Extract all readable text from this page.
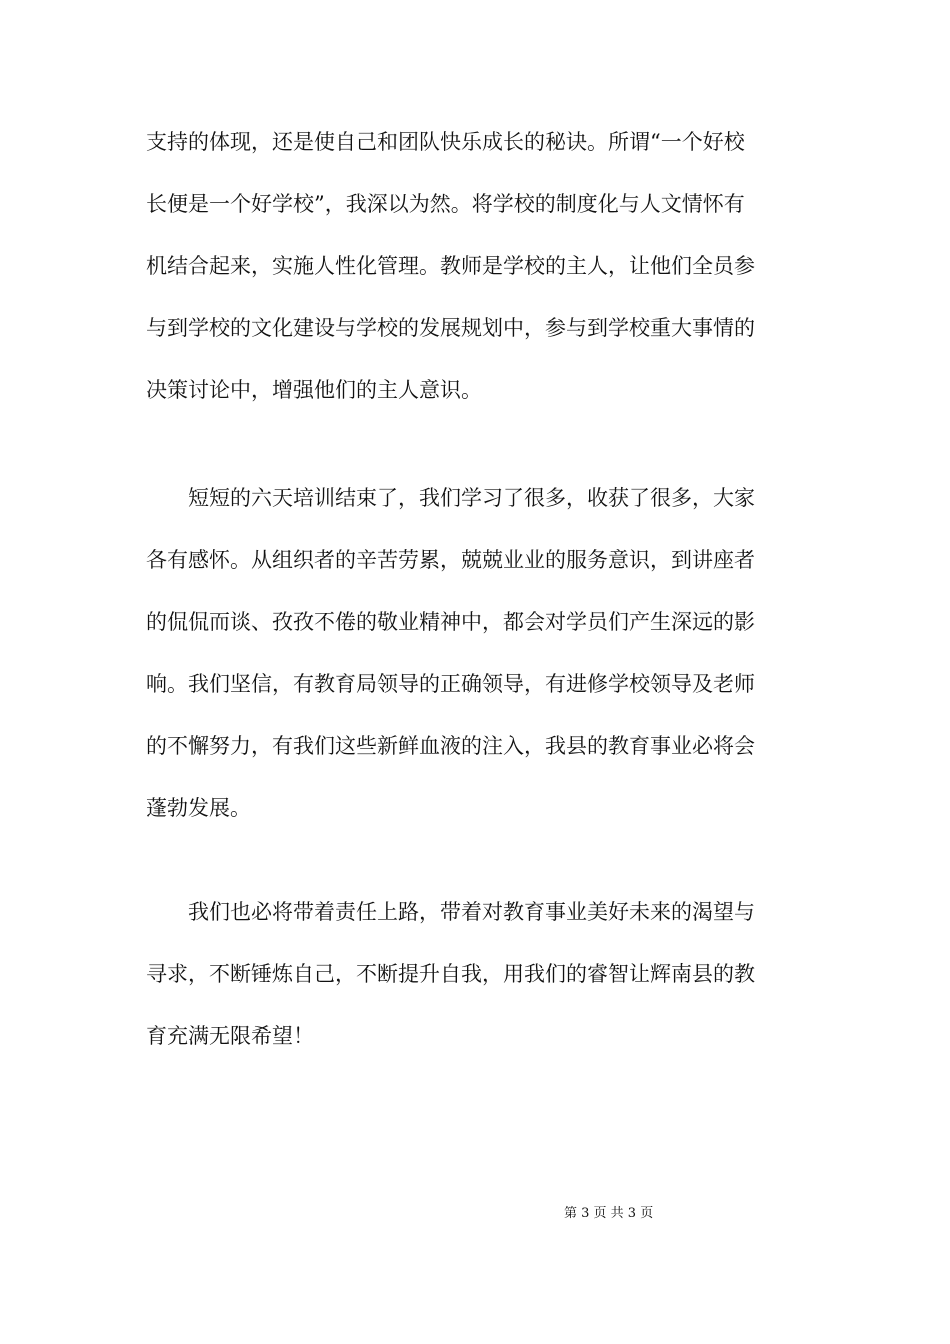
支持的体现，还是使自己和团队快乐成长的秘诀。所谓“一个好校
长便是一个好学校”，我深以为然。将学校的制度化与人文情怀有
机结合起来，实施人性化管理。教师是学校的主人，让他们全员参
与到学校的文化建设与学校的发展规划中，参与到学校重大事情的
决策讨论中，增强他们的主人意识。
　　短短的六天培训结束了，我们学习了很多，收获了很多，大家
各有感怀。从组织者的辛苦劳累，兢兢业业的服务意识，到讲座者
的侃侃而谈、孜孜不倦的敬业精神中，都会对学员们产生深远的影
响。我们坚信，有教育局领导的正确领导，有进修学校领导及老师
的不懈努力，有我们这些新鲜血液的注入，我县的教育事业必将会
蓬勃发展。
　　我们也必将带着责任上路，带着对教育事业美好未来的渴望与
寻求，不断锤炼自己，不断提升自我，用我们的睿智让辉南县的教
育充满无限希望！
第 3 页 共 3 页
